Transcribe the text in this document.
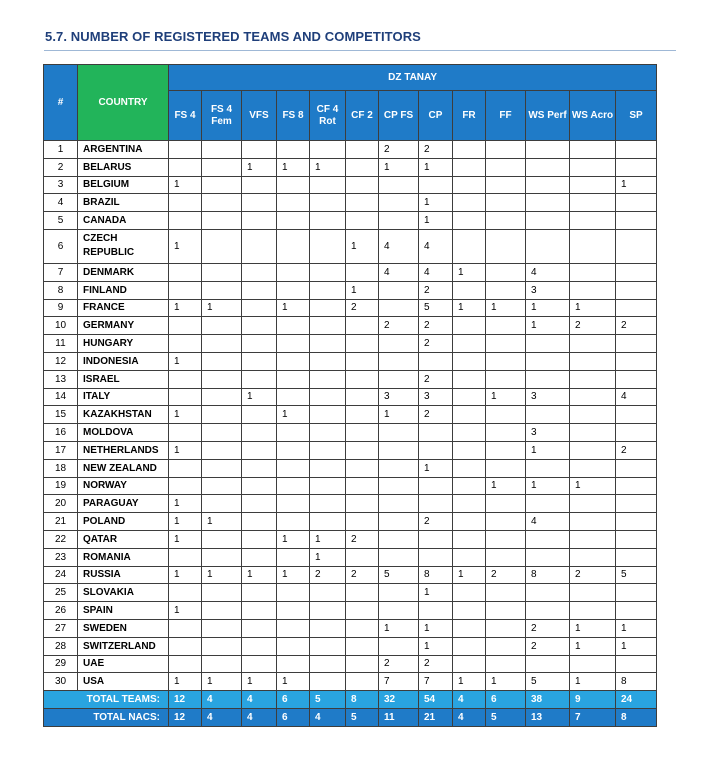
5.7. NUMBER OF REGISTERED TEAMS AND COMPETITORS
#	COUNTRY	DZ TANAY												
		FS 4	FS 4 Fem	VFS	FS 8	CF 4 Rot	CF 2	CP FS	CP	FR	FF	WS Perf	WS Acro	SP
1	ARGENTINA							2	2					
2	BELARUS			1	1	1		1	1					
3	BELGIUM	1												1
4	BRAZIL								1					
5	CANADA								1					
6	CZECH REPUBLIC	1					1	4	4					
7	DENMARK							4	4	1		4		
8	FINLAND						1		2			3		
9	FRANCE	1	1		1		2		5	1	1	1	1	
10	GERMANY							2	2			1	2	2
11	HUNGARY								2					
12	INDONESIA	1												
13	ISRAEL								2					
14	ITALY			1				3	3		1	3		4
15	KAZAKHSTAN	1			1			1	2					
16	MOLDOVA											3		
17	NETHERLANDS	1										1		2
18	NEW ZEALAND								1					
19	NORWAY										1	1	1	
20	PARAGUAY	1												
21	POLAND	1	1						2			4		
22	QATAR	1			1	1	2							
23	ROMANIA					1								
24	RUSSIA	1	1	1	1	2	2	5	8	1	2	8	2	5
25	SLOVAKIA								1					
26	SPAIN	1												
27	SWEDEN							1	1			2	1	1
28	SWITZERLAND								1			2	1	1
29	UAE							2	2					
30	USA	1	1	1	1			7	7	1	1	5	1	8
TOTAL TEAMS:		12	4	4	6	5	8	32	54	4	6	38	9	24
TOTAL NACS:		12	4	4	6	4	5	11	21	4	5	13	7	8
